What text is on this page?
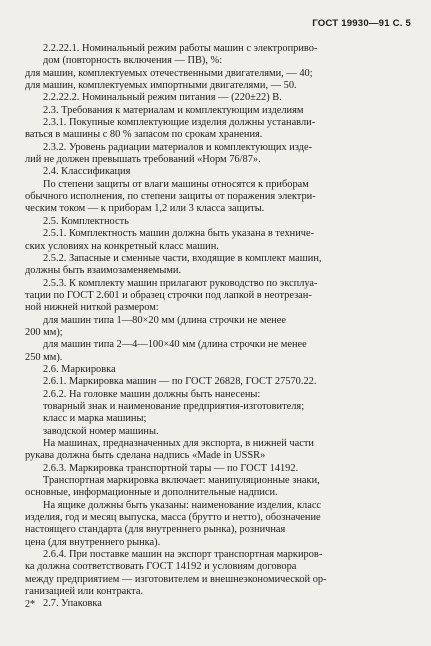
ГОСТ 19930—91 С. 5
2.2.22.1. Номинальный режим работы машин с электроприво-
дом (повторность включения — ПВ), %:
для машин, комплектуемых отечественными двигателями, — 40;
для машин, комплектуемых импортными двигателями, — 50.
2.2.22.2. Номинальный режим питания — (220±22) В.
2.3. Требования к материалам и комплектующим изделиям
2.3.1. Покупные комплектующие изделия должны устанавли-
ваться в машины с 80 % запасом по срокам хранения.
2.3.2. Уровень радиации материалов и комплектующих изде-
лий не должен превышать требований «Норм 76/87».
2.4. Классификация
По степени защиты от влаги машины относятся к приборам
обычного исполнения, по степени защиты от поражения электри-
ческим током — к приборам 1,2 или 3 класса защиты.
2.5. Комплектность
2.5.1. Комплектность машин должна быть указана в техниче-
ских условиях на конкретный класс машин.
2.5.2. Запасные и сменные части, входящие в комплект машин,
должны быть взаимозаменяемыми.
2.5.3. К комплекту машин прилагают руководство по эксплуа-
тации по ГОСТ 2.601 и образец строчки под лапкой в неотрезан-
ной нижней ниткой размером:
для машин типа 1—80×20 мм (длина строчки не менее
200 мм);
для машин типа 2—4—100×40 мм (длина строчки не менее
250 мм).
2.6. Маркировка
2.6.1. Маркировка машин — по ГОСТ 26828, ГОСТ 27570.22.
2.6.2. На головке машин должны быть нанесены:
товарный знак и наименование предприятия-изготовителя;
класс и марка машины;
заводской номер машины.
На машинах, предназначенных для экспорта, в нижней части
рукава должна быть сделана надпись «Made in USSR»
2.6.3. Маркировка транспортной тары — по ГОСТ 14192.
Транспортная маркировка включает: манипуляционные знаки,
основные, информационные и дополнительные надписи.
На ящике должны быть указаны: наименование изделия, класс
изделия, год и месяц выпуска, масса (брутто и нетто), обозначение
настоящего стандарта (для внутреннего рынка), розничная
цена (для внутреннего рынка).
2.6.4. При поставке машин на экспорт транспортная маркиров-
ка должна соответствовать ГОСТ 14192 и условиям договора
между предприятием — изготовителем и внешнеэкономической ор-
ганизацией или контракта.
2.7. Упаковка
2*
